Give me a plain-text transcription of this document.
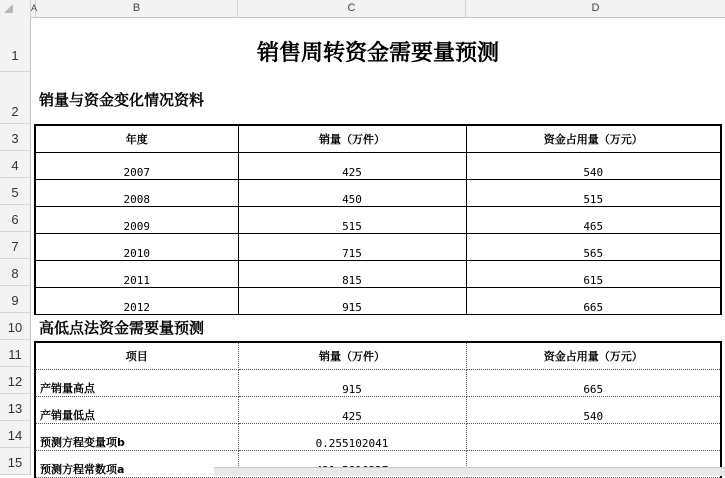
A	B	C	D
1
2
3
4
5
6
7
8
9
10
11
12
13
14
15
销售周转资金需要量预测
销量与资金变化情况资料
年度	销量（万件）	资金占用量（万元）
2007	425	540
2008	450	515
2009	515	465
2010	715	565
2011	815	615
2012	915	665
高低点法资金需要量预测
项目	销量（万件）	资金占用量（万元）
产销量高点	915	665
产销量低点	425	540
预测方程变量项b	0.255102041	
预测方程常数项a		
